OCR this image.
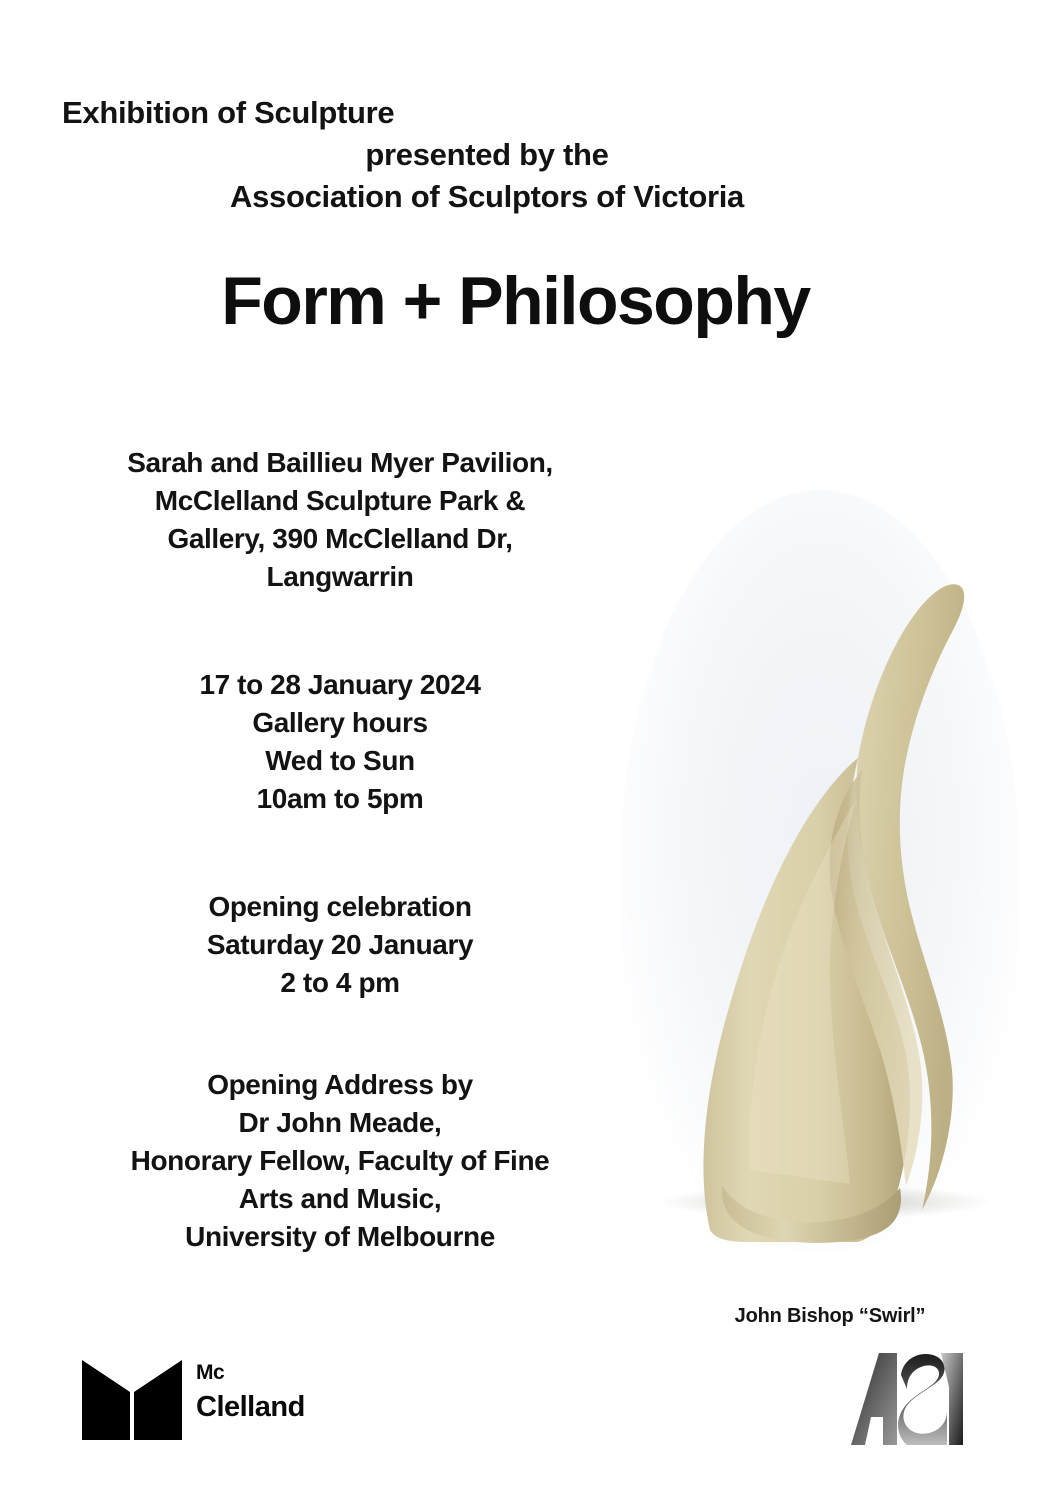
Exhibition of Sculpture
presented by the
Association of Sculptors of Victoria
Form + Philosophy
Sarah and Baillieu Myer Pavilion,
McClelland Sculpture Park &
Gallery, 390 McClelland Dr,
Langwarrin
17 to 28 January 2024
Gallery hours
Wed to Sun
10am to 5pm
Opening celebration
Saturday 20 January
2 to 4 pm
Opening Address by
Dr John Meade,
Honorary Fellow, Faculty of Fine
Arts and Music,
University of Melbourne
John Bishop “Swirl”
Mc
Clelland
